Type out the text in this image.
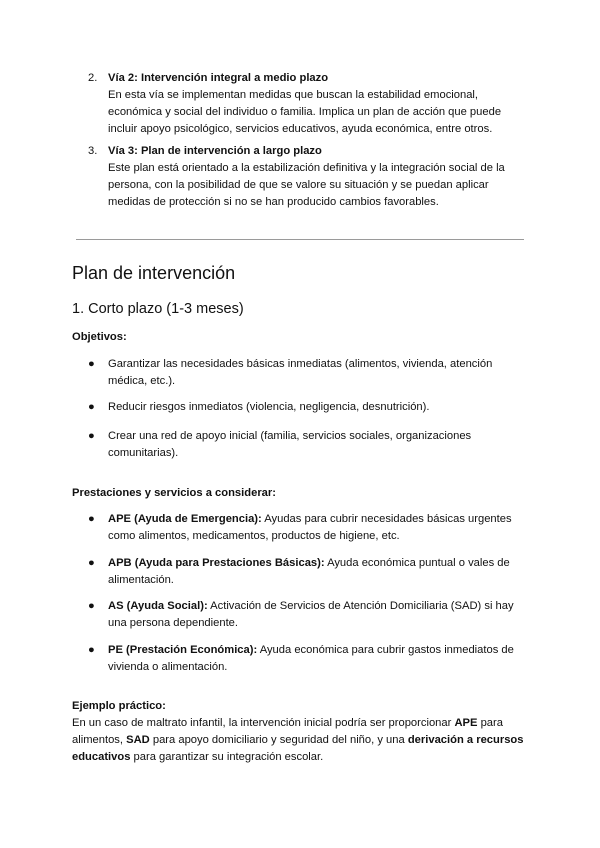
2. Vía 2: Intervención integral a medio plazo
En esta vía se implementan medidas que buscan la estabilidad emocional, económica y social del individuo o familia. Implica un plan de acción que puede incluir apoyo psicológico, servicios educativos, ayuda económica, entre otros.
3. Vía 3: Plan de intervención a largo plazo
Este plan está orientado a la estabilización definitiva y la integración social de la persona, con la posibilidad de que se valore su situación y se puedan aplicar medidas de protección si no se han producido cambios favorables.
Plan de intervención
1. Corto plazo (1-3 meses)

Objetivos:

● Garantizar las necesidades básicas inmediatas (alimentos, vivienda, atención médica, etc.).
● Reducir riesgos inmediatos (violencia, negligencia, desnutrición).
● Crear una red de apoyo inicial (familia, servicios sociales, organizaciones comunitarias).

Prestaciones y servicios a considerar:

● APE (Ayuda de Emergencia): Ayudas para cubrir necesidades básicas urgentes como alimentos, medicamentos, productos de higiene, etc.
● APB (Ayuda para Prestaciones Básicas): Ayuda económica puntual o vales de alimentación.
● AS (Ayuda Social): Activación de Servicios de Atención Domiciliaria (SAD) si hay una persona dependiente.
● PE (Prestación Económica): Ayuda económica para cubrir gastos inmediatos de vivienda o alimentación.
Ejemplo práctico:
En un caso de maltrato infantil, la intervención inicial podría ser proporcionar APE para alimentos, SAD para apoyo domiciliario y seguridad del niño, y una derivación a recursos educativos para garantizar su integración escolar.
